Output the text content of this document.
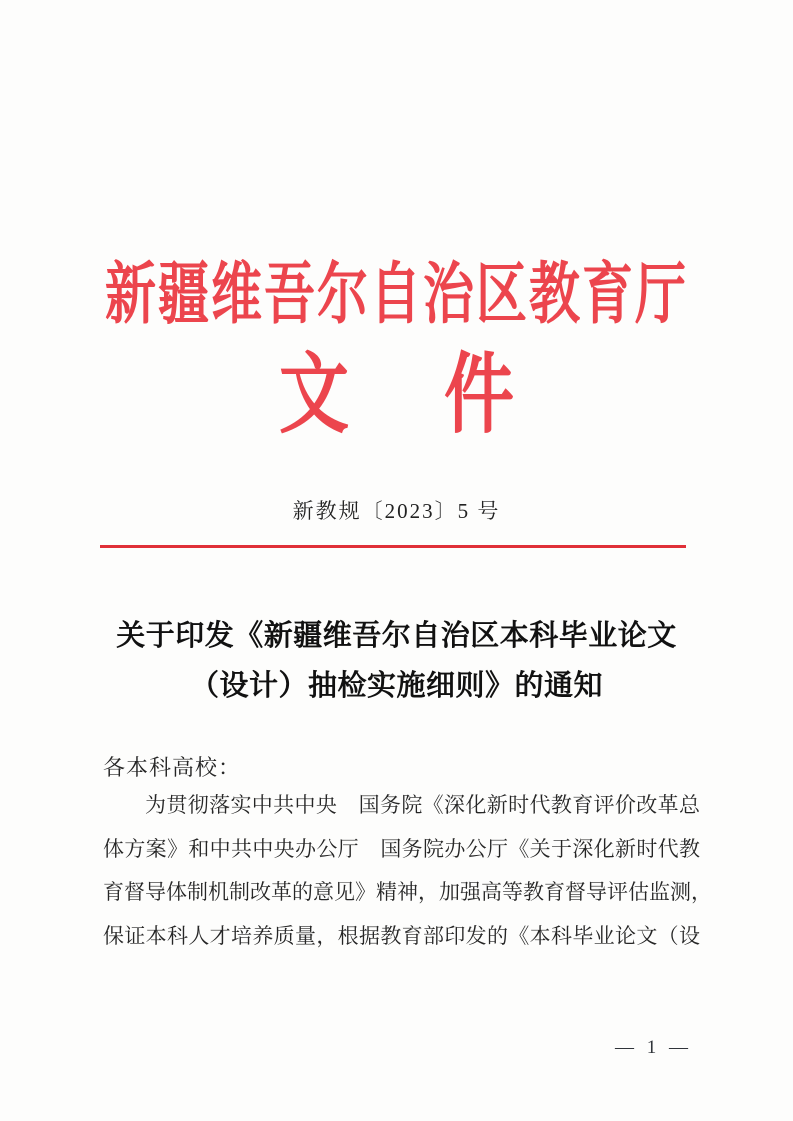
新疆维吾尔自治区教育厅
文 件
新教规〔2023〕5 号
关于印发《新疆维吾尔自治区本科毕业论文
（设计）抽检实施细则》的通知
各本科高校：
为贯彻落实中共中央　国务院《深化新时代教育评价改革总
体方案》和中共中央办公厅　国务院办公厅《关于深化新时代教
育督导体制机制改革的意见》精神，加强高等教育督导评估监测，
保证本科人才培养质量，根据教育部印发的《本科毕业论文（设
— 1 —
